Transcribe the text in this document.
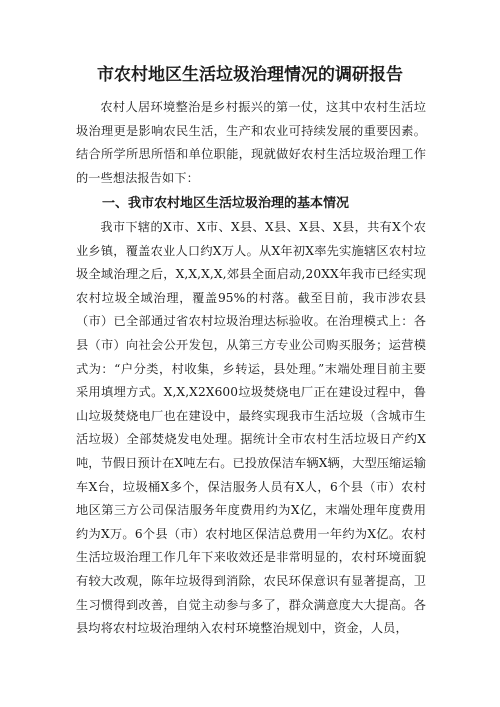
市农村地区生活垃圾治理情况的调研报告

农村人居环境整治是乡村振兴的第一仗，这其中农村生活垃圾治理更是影响农民生活，生产和农业可持续发展的重要因素。结合所学所思所悟和单位职能，现就做好农村生活垃圾治理工作的一些想法报告如下：

一、我市农村地区生活垃圾治理的基本情况

我市下辖的X市、X市、X县、X县、X县、X县，共有X个农业乡镇，覆盖农业人口约X万人。从X年初X率先实施辖区农村垃圾全域治理之后，X,X,X,X,郊县全面启动,20XX年我市已经实现农村垃圾全域治理，覆盖95%的村落。截至目前，我市涉农县（市）已全部通过省农村垃圾治理达标验收。在治理模式上：各县（市）向社会公开发包，从第三方专业公司购买服务；运营模式为：“户分类，村收集，乡转运，县处理。”末端处理目前主要采用填埋方式。X,X,X2X600垃圾焚烧电厂正在建设过程中，鲁山垃圾焚烧电厂也在建设中，最终实现我市生活垃圾（含城市生活垃圾）全部焚烧发电处理。据统计全市农村生活垃圾日产约X吨，节假日预计在X吨左右。已投放保洁车辆X辆，大型压缩运输车X台，垃圾桶X多个，保洁服务人员有X人，6个县（市）农村地区第三方公司保洁服务年度费用约为X亿，末端处理年度费用约为X万。6个县（市）农村地区保洁总费用一年约为X亿。农村生活垃圾治理工作几年下来收效还是非常明显的，农村环境面貌有较大改观，陈年垃圾得到消除，农民环保意识有显著提高，卫生习惯得到改善，自觉主动参与多了，群众满意度大大提高。各县均将农村垃圾治理纳入农村环境整治规划中，资金，人员，
